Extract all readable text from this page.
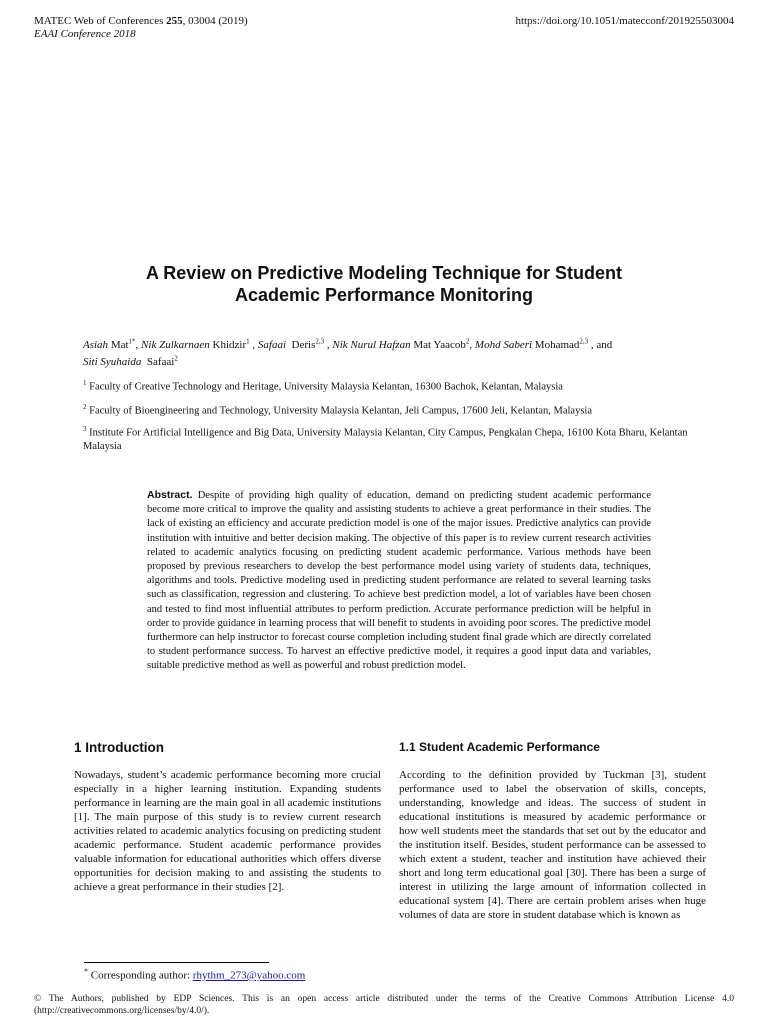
MATEC Web of Conferences 255, 03004 (2019)
EAAI Conference 2018
https://doi.org/10.1051/matecconf/201925503004
A Review on Predictive Modeling Technique for Student
Academic Performance Monitoring
Asiah Mat$^{1*}$, Nik Zulkarnaen Khidzir$^1$ , Safaai Deris$^{2,3}$ , Nik Nurul Hafzan Mat Yaacob$^2$, Mohd Saberi Mohamad$^{2,3}$ , and
Siti Syuhaida Safaai$^2$
$^1$ Faculty of Creative Technology and Heritage, University Malaysia Kelantan, 16300 Bachok, Kelantan, Malaysia
$^2$ Faculty of Bioengineering and Technology, University Malaysia Kelantan, Jeli Campus, 17600 Jeli, Kelantan, Malaysia
$^3$ Institute For Artificial Intelligence and Big Data, University Malaysia Kelantan, City Campus, Pengkalan Chepa, 16100 Kota Bharu, Kelantan Malaysia
Abstract. Despite of providing high quality of education, demand on predicting student academic performance become more critical to improve the quality and assisting students to achieve a great performance in their studies. The lack of existing an efficiency and accurate prediction model is one of the major issues. Predictive analytics can provide institution with intuitive and better decision making. The objective of this paper is to review current research activities related to academic analytics focusing on predicting student academic performance. Various methods have been proposed by previous researchers to develop the best performance model using variety of students data, techniques, algorithms and tools. Predictive modeling used in predicting student performance are related to several learning tasks such as classification, regression and clustering. To achieve best prediction model, a lot of variables have been chosen and tested to find most influential attributes to perform prediction. Accurate performance prediction will be helpful in order to provide guidance in learning process that will benefit to students in avoiding poor scores. The predictive model furthermore can help instructor to forecast course completion including student final grade which are directly correlated to student performance success. To harvest an effective predictive model, it requires a good input data and variables, suitable predictive method as well as powerful and robust prediction model.
1 Introduction	1.1 Student Academic Performance
Nowadays, student’s academic performance becoming more crucial especially in a higher learning institution. Expanding students performance in learning are the main goal in all academic institutions [1]. The main purpose of this study is to review current research activities related to academic analytics focusing on predicting student academic performance. Student academic performance provides valuable information for educational authorities which offers diverse opportunities for decision making to and assisting the students to achieve a great performance in their studies [2].
According to the definition provided by Tuckman [3], student performance used to label the observation of skills, concepts, understanding, knowledge and ideas. The success of student in educational institutions is measured by academic performance or how well students meet the standards that set out by the educator and the institution itself. Besides, student performance can be assessed to which extent a student, teacher and institution have achieved their short and long term educational goal [30]. There has been a surge of interest in utilizing the large amount of information collected in educational system [4]. There are certain problem arises when huge volumes of data are store in student database which is known as
* Corresponding author: rhythm_273@yahoo.com
© The Authors, published by EDP Sciences. This is an open access article distributed under the terms of the Creative Commons Attribution License 4.0 (http://creativecommons.org/licenses/by/4.0/).
